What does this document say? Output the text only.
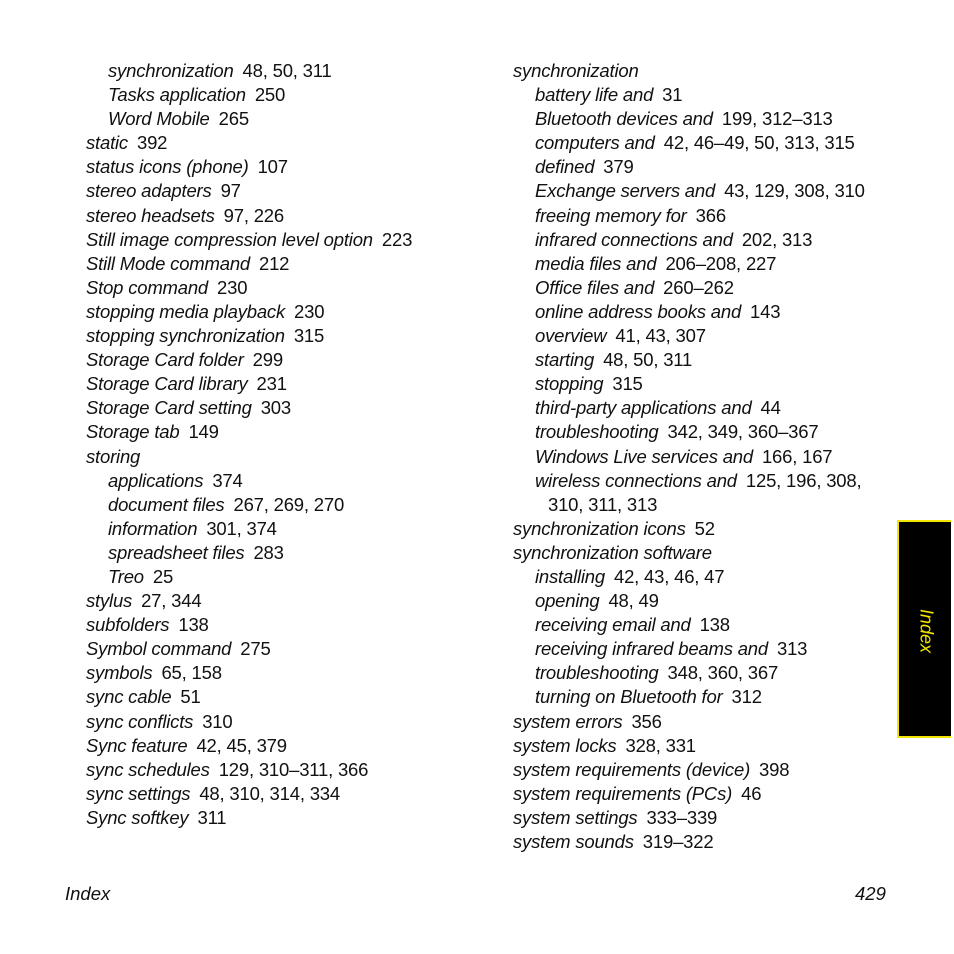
synchronization 48, 50, 311
Tasks application 250
Word Mobile 265
static 392
status icons (phone) 107
stereo adapters 97
stereo headsets 97, 226
Still image compression level option 223
Still Mode command 212
Stop command 230
stopping media playback 230
stopping synchronization 315
Storage Card folder 299
Storage Card library 231
Storage Card setting 303
Storage tab 149
storing
applications 374
document files 267, 269, 270
information 301, 374
spreadsheet files 283
Treo 25
stylus 27, 344
subfolders 138
Symbol command 275
symbols 65, 158
sync cable 51
sync conflicts 310
Sync feature 42, 45, 379
sync schedules 129, 310–311, 366
sync settings 48, 310, 314, 334
Sync softkey 311
synchronization
battery life and 31
Bluetooth devices and 199, 312–313
computers and 42, 46–49, 50, 313, 315
defined 379
Exchange servers and 43, 129, 308, 310
freeing memory for 366
infrared connections and 202, 313
media files and 206–208, 227
Office files and 260–262
online address books and 143
overview 41, 43, 307
starting 48, 50, 311
stopping 315
third-party applications and 44
troubleshooting 342, 349, 360–367
Windows Live services and 166, 167
wireless connections and 125, 196, 308,
310, 311, 313
synchronization icons 52
synchronization software
installing 42, 43, 46, 47
opening 48, 49
receiving email and 138
receiving infrared beams and 313
troubleshooting 348, 360, 367
turning on Bluetooth for 312
system errors 356
system locks 328, 331
system requirements (device) 398
system requirements (PCs) 46
system settings 333–339
system sounds 319–322
Index	429
Index
